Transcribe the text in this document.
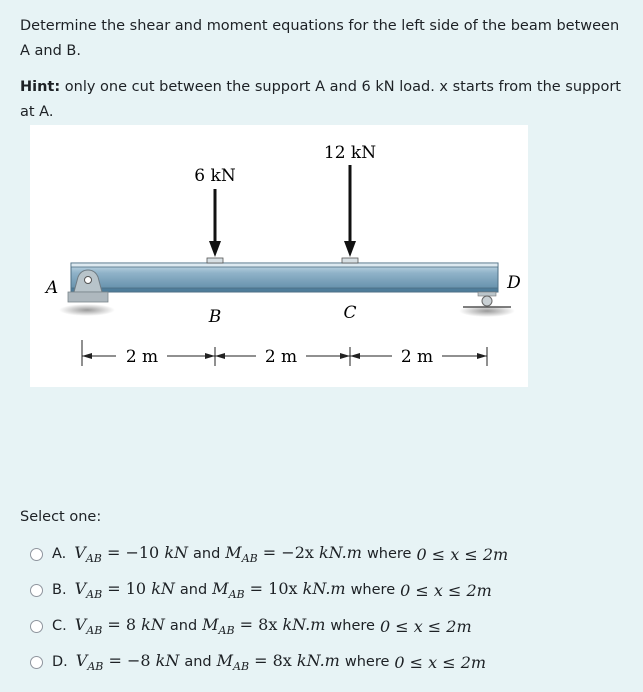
Determine the shear and moment equations for the left side of the beam between A and B.

Hint: only one cut between the support A and 6 kN load. x starts from the support at A.

6 kN
12 kN
A
B	C
D
2 m	2 m	2 m
Select one:
A. $V_{AB} = -10$ kN and $M_{AB} = -2x$ kN.m where 0 ≤ x ≤ 2m
B. $V_{AB} = 10$ kN and $M_{AB} = 10x$ kN.m where 0 ≤ x ≤ 2m
C. $V_{AB} = 8$ kN and $M_{AB} = 8x$ kN.m where 0 ≤ x ≤ 2m
D. $V_{AB} = -8$ kN and $M_{AB} = 8x$ kN.m where 0 ≤ x ≤ 2m
